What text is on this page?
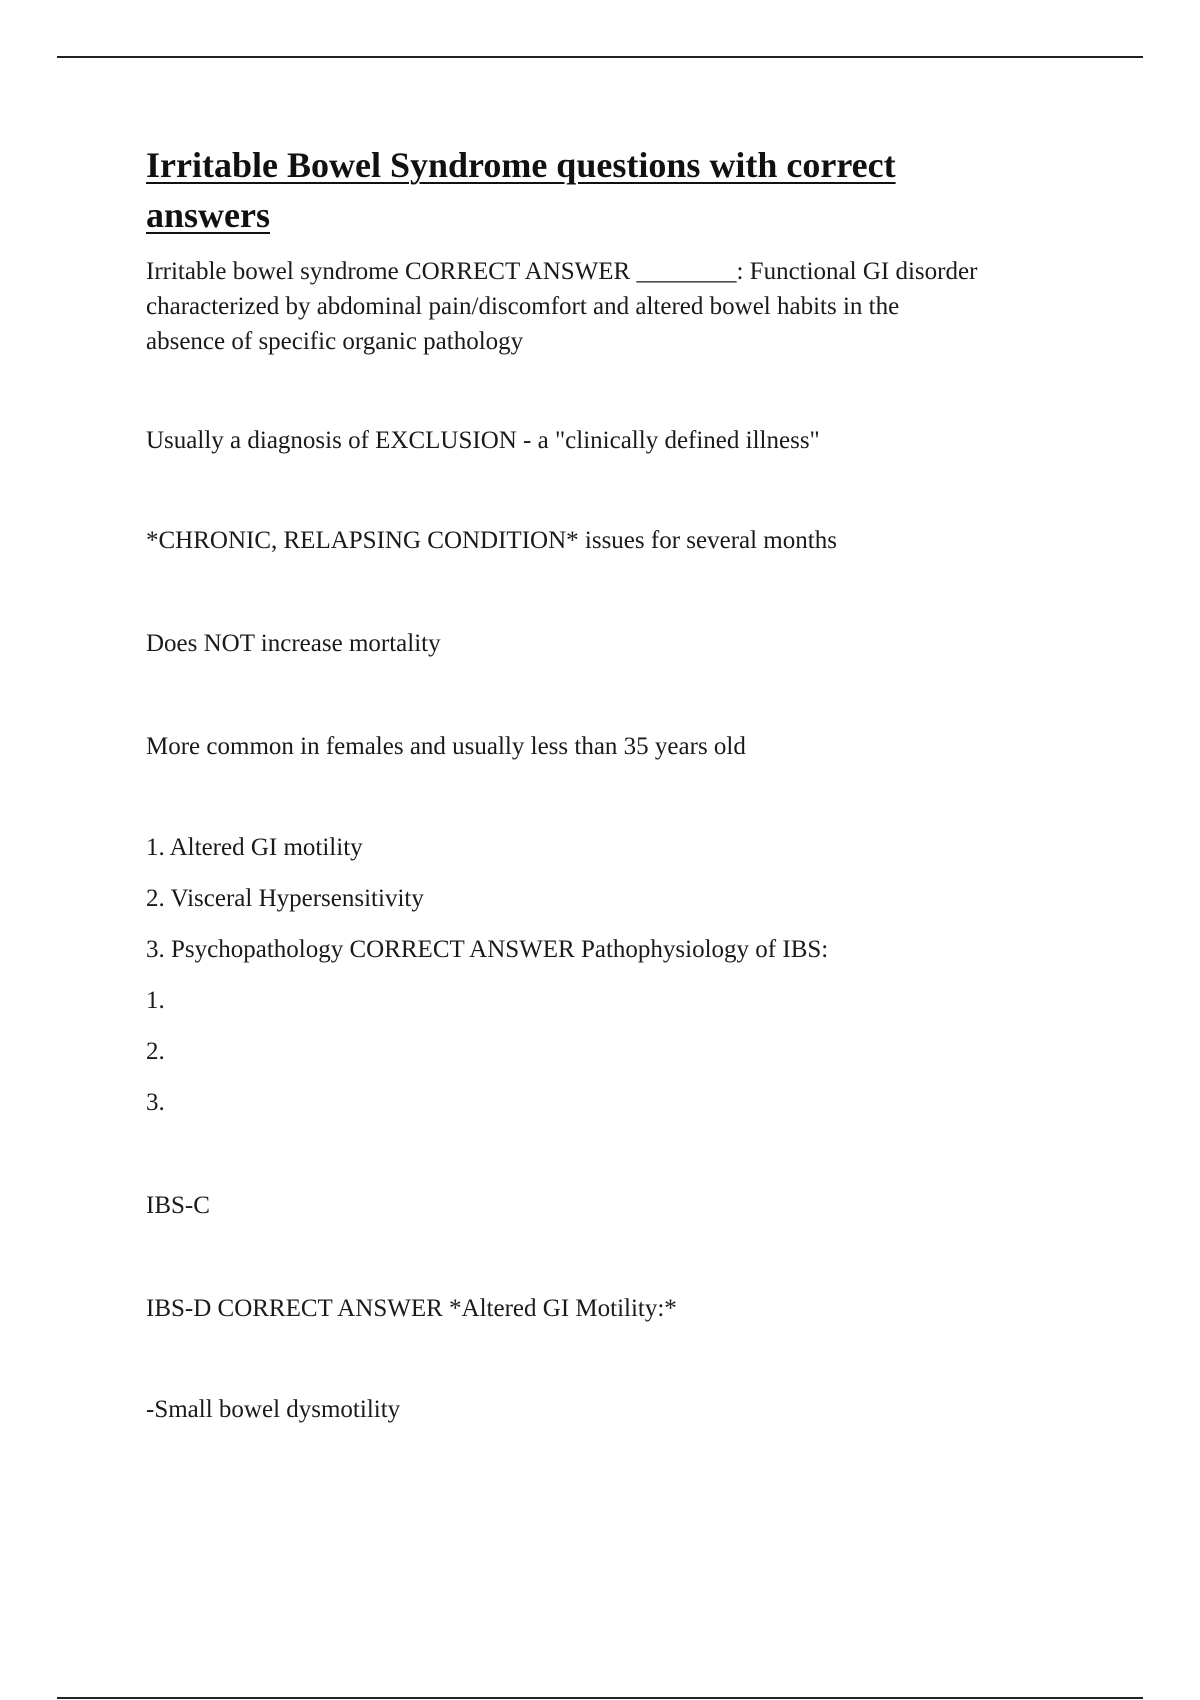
Irritable Bowel Syndrome questions with correct
answers

Irritable bowel syndrome CORRECT ANSWER ________: Functional GI disorder

characterized by abdominal pain/discomfort and altered bowel habits in the

absence of specific organic pathology

Usually a diagnosis of EXCLUSION - a "clinically defined illness"

*CHRONIC, RELAPSING CONDITION* issues for several months

Does NOT increase mortality

More common in females and usually less than 35 years old

1. Altered GI motility

2. Visceral Hypersensitivity

3. Psychopathology CORRECT ANSWER Pathophysiology of IBS:

1.

2.

3.

IBS-C

IBS-D CORRECT ANSWER *Altered GI Motility:*

-Small bowel dysmotility
